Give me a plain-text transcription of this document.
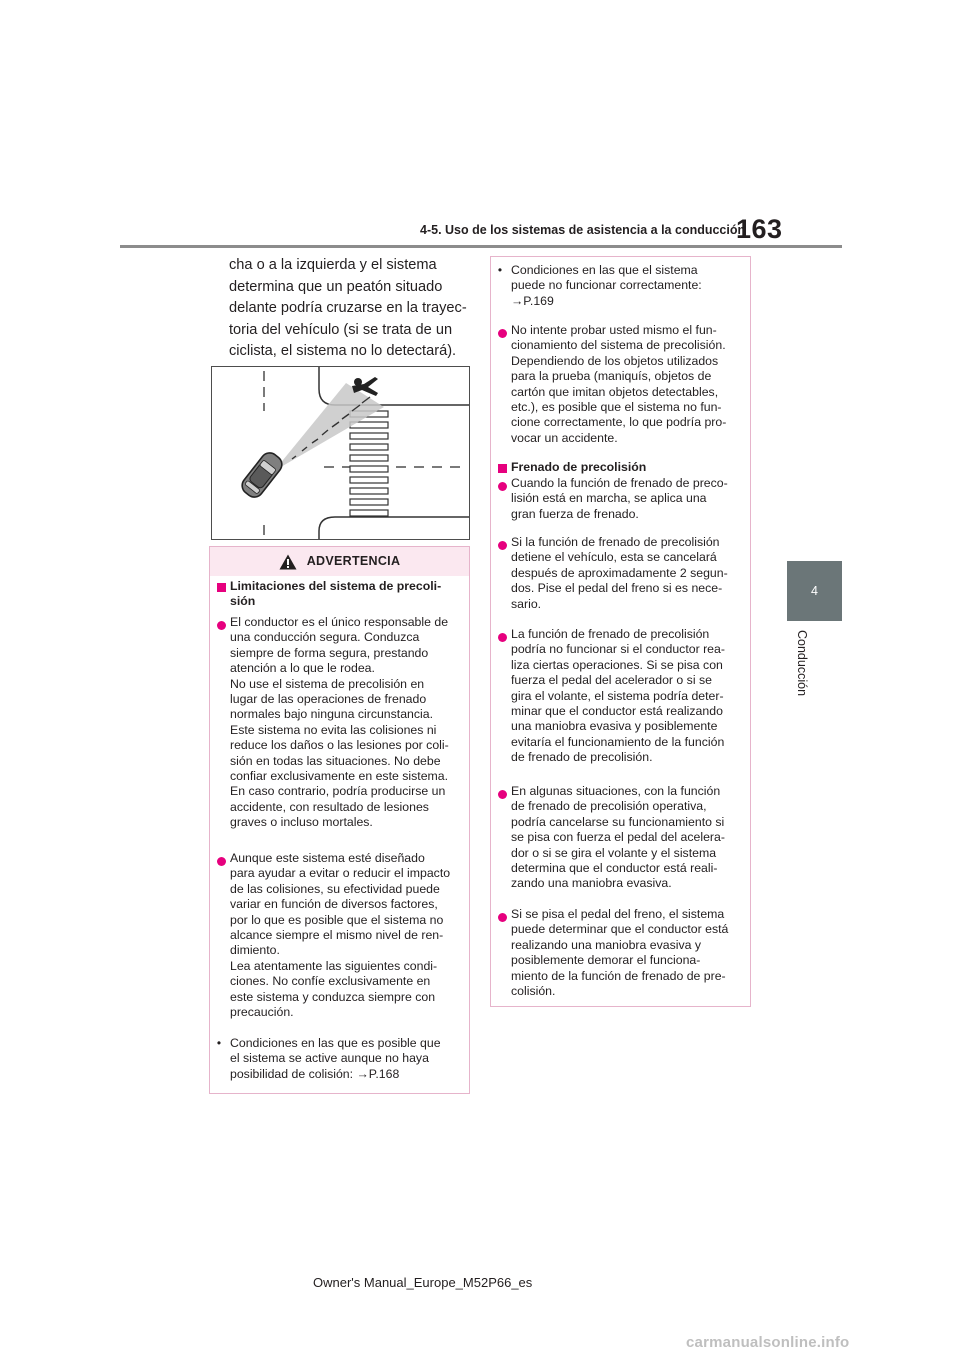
163
4-5. Uso de los sistemas de asistencia a la conducción
4
Conducción

cha o a la izquierda y el sistema

determina que un peatón situado

delante podría cruzarse en la trayec-

toria del vehículo (si se trata de un

ciclista, el sistema no lo detectará).

ADVERTENCIA

Limitaciones del sistema de precoli-

sión

El conductor es el único responsable de

una conducción segura. Conduzca

siempre de forma segura, prestando

atención a lo que le rodea.

No use el sistema de precolisión en

lugar de las operaciones de frenado

normales bajo ninguna circunstancia.

Este sistema no evita las colisiones ni

reduce los daños o las lesiones por coli-

sión en todas las situaciones. No debe

confiar exclusivamente en este sistema.

En caso contrario, podría producirse un

accidente, con resultado de lesiones

graves o incluso mortales.

Aunque este sistema esté diseñado

para ayudar a evitar o reducir el impacto

de las colisiones, su efectividad puede

variar en función de diversos factores,

por lo que es posible que el sistema no

alcance siempre el mismo nivel de ren-

dimiento.

Lea atentamente las siguientes condi-

ciones. No confíe exclusivamente en

este sistema y conduzca siempre con

precaución.

• Condiciones en las que es posible que

el sistema se active aunque no haya

posibilidad de colisión: →P.168

• Condiciones en las que el sistema

puede no funcionar correctamente:

→P.169

No intente probar usted mismo el fun-

cionamiento del sistema de precolisión.

Dependiendo de los objetos utilizados

para la prueba (maniquís, objetos de

cartón que imitan objetos detectables,

etc.), es posible que el sistema no fun-

cione correctamente, lo que podría pro-

vocar un accidente.

Frenado de precolisión

Cuando la función de frenado de preco-

lisión está en marcha, se aplica una

gran fuerza de frenado.

Si la función de frenado de precolisión

detiene el vehículo, esta se cancelará

después de aproximadamente 2 segun-

dos. Pise el pedal del freno si es nece-

sario.

La función de frenado de precolisión

podría no funcionar si el conductor rea-

liza ciertas operaciones. Si se pisa con

fuerza el pedal del acelerador o si se

gira el volante, el sistema podría deter-

minar que el conductor está realizando

una maniobra evasiva y posiblemente

evitaría el funcionamiento de la función

de frenado de precolisión.

En algunas situaciones, con la función

de frenado de precolisión operativa,

podría cancelarse su funcionamiento si

se pisa con fuerza el pedal del acelera-

dor o si se gira el volante y el sistema

determina que el conductor está reali-

zando una maniobra evasiva.

Si se pisa el pedal del freno, el sistema

puede determinar que el conductor está

realizando una maniobra evasiva y

posiblemente demorar el funciona-

miento de la función de frenado de pre-

colisión.

Owner's Manual_Europe_M52P66_es
carmanualsonline.info
